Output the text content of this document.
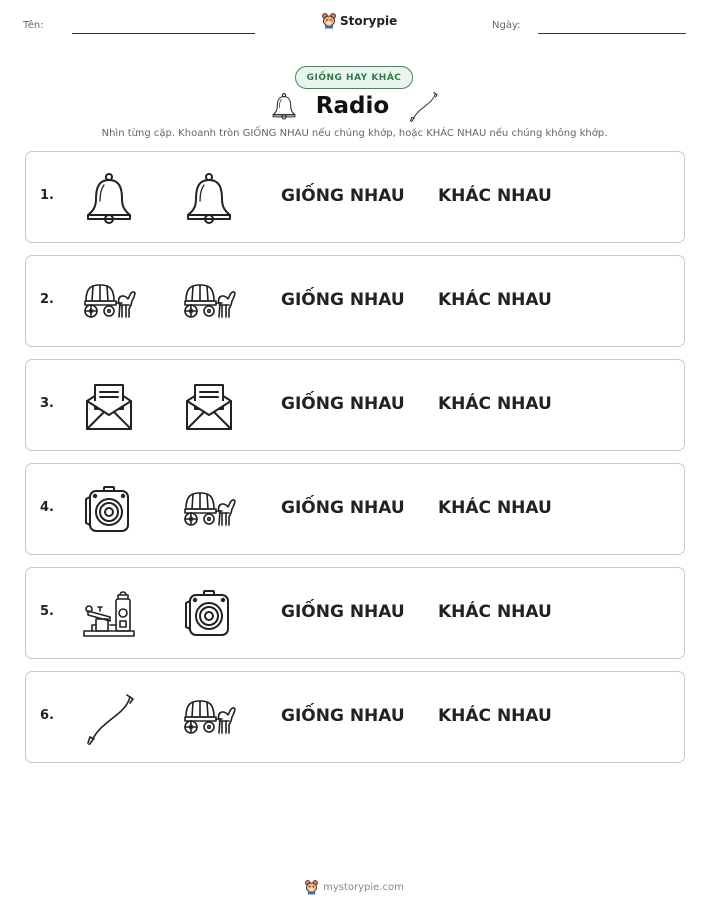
Tên:	Storypie	Ngày:
GIỐNG HAY KHÁC
Radio
Nhìn từng cặp. Khoanh tròn GIỐNG NHAU nếu chúng khớp, hoặc KHÁC NHAU nếu chúng không khớp.
1.	GIỐNG NHAU KHÁC NHAU
2.	GIỐNG NHAU KHÁC NHAU
3.	GIỐNG NHAU KHÁC NHAU
4.	GIỐNG NHAU KHÁC NHAU
5.	GIỐNG NHAU KHÁC NHAU
6.	GIỐNG NHAU KHÁC NHAU
mystorypie.com
